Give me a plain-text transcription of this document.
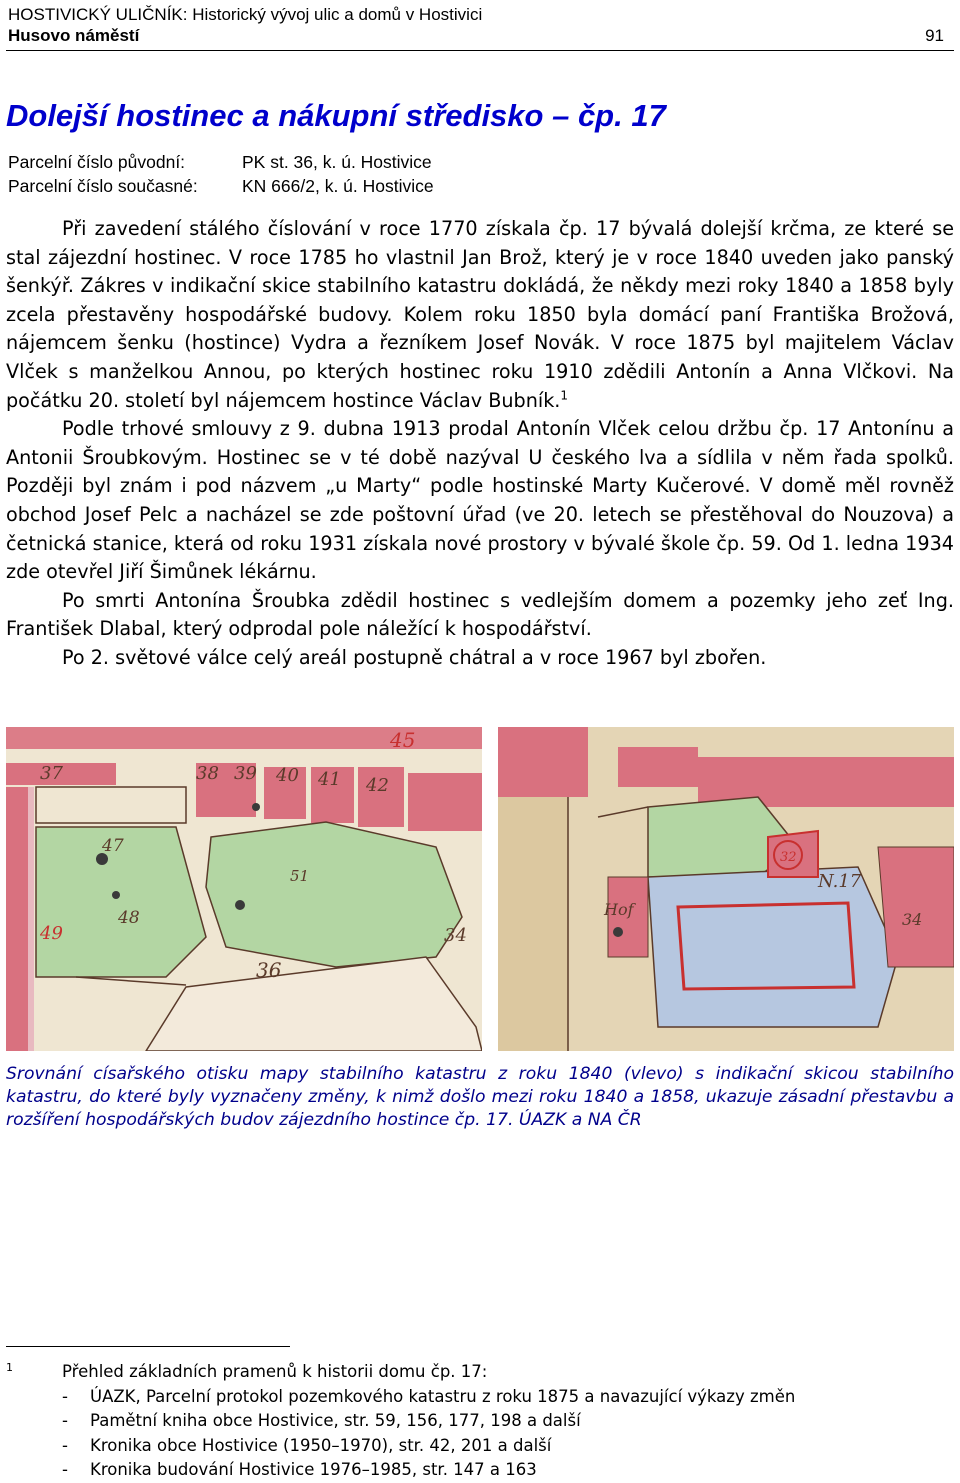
HOSTIVICKÝ ULIČNÍK: Historický vývoj ulic a domů v Hostivici
Husovo náměstí	91
Dolejší hostinec a nákupní středisko – čp. 17
Parcelní číslo původní:	PK st. 36, k. ú. Hostivice
Parcelní číslo současné:	KN 666/2, k. ú. Hostivice

Při zavedení stálého číslování v roce 1770 získala čp. 17 bývalá dolejší krčma, ze které se stal zájezdní hostinec. V roce 1785 ho vlastnil Jan Brož, který je v roce 1840 uveden jako panský šenkýř. Zákres v indikační skice stabilního katastru dokládá, že někdy mezi roky 1840 a 1858 byly zcela přestavěny hospodářské budovy. Kolem roku 1850 byla domácí paní Františka Brožová, nájemcem šenku (hostince) Vydra a řezníkem Josef Novák. V roce 1875 byl majitelem Václav Vlček s manželkou Annou, po kterých hostinec roku 1910 zdědili Antonín a Anna Vlčkovi. Na počátku 20. století byl nájemcem hostince Václav Bubník.$^1$

Podle trhové smlouvy z 9. dubna 1913 prodal Antonín Vlček celou držbu čp. 17 Antonínu a Antonii Šroubkovým. Hostinec se v té době nazýval U českého lva a sídlila v něm řada spolků. Později byl znám i pod názvem „u Marty“ podle hostinské Marty Kučerové. V domě měl rovněž obchod Josef Pelc a nacházel se zde poštovní úřad (ve 20. letech se přestěhoval do Nouzova) a četnická stanice, která od roku 1931 získala nové prostory v bývalé škole čp. 59. Od 1. ledna 1934 zde otevřel Jiří Šimůnek lékárnu.

Po smrti Antonína Šroubka zdědil hostinec s vedlejším domem a pozemky jeho zeť Ing. František Dlabal, který odprodal pole náležící k hospodářství.

Po 2. světové válce celý areál postupně chátral a v roce 1967 byl zbořen.

45
37	38 39 40 41 42
47
51
48
49
36
34
N.17
Hof
34
32
Srovnání císařského otisku mapy stabilního katastru z roku 1840 (vlevo) s indikační skicou stabilního katastru, do které byly vyznačeny změny, k nimž došlo mezi roku 1840 a 1858, ukazuje zásadní přestavbu a rozšíření hospodářských budov zájezdního hostince čp. 17. ÚAZK a NA ČR
1	Přehled základních pramenů k historii domu čp. 17:
-	ÚAZK, Parcelní protokol pozemkového katastru z roku 1875 a navazující výkazy změn
-	Pamětní kniha obce Hostivice, str. 59, 156, 177, 198 a další
-	Kronika obce Hostivice (1950–1970), str. 42, 201 a další
-	Kronika budování Hostivice 1976–1985, str. 147 a 163
